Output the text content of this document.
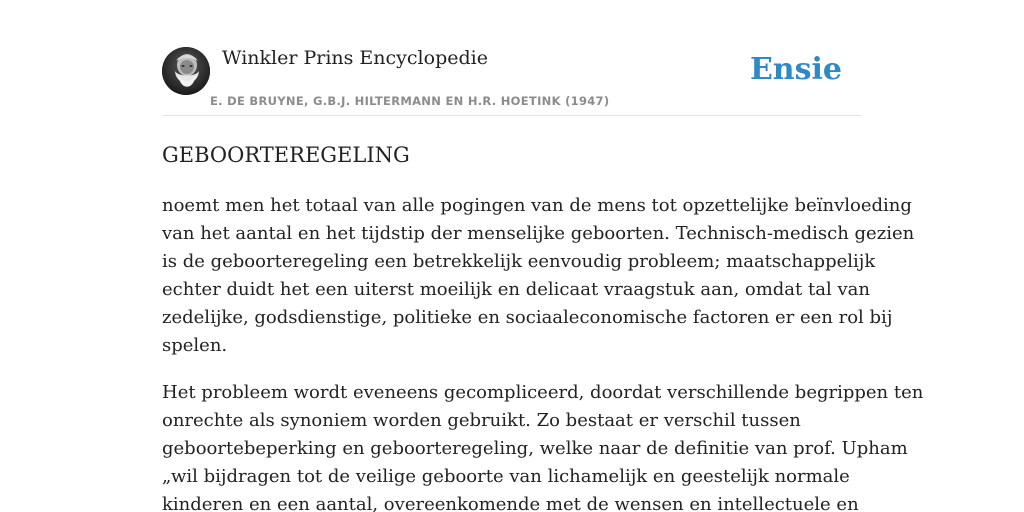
Winkler Prins Encyclopedie
E. DE BRUYNE, G.B.J. HILTERMANN EN H.R. HOETINK (1947)
Ensie
GEBOORTEREGELING

noemt men het totaal van alle pogingen van de mens tot opzettelijke beïnvloeding
van het aantal en het tijdstip der menselijke geboorten. Technisch-medisch gezien
is de geboorteregeling een betrekkelijk eenvoudig probleem; maatschappelijk
echter duidt het een uiterst moeilijk en delicaat vraagstuk aan, omdat tal van
zedelijke, godsdienstige, politieke en sociaaleconomische factoren er een rol bij
spelen.

Het probleem wordt eveneens gecompliceerd, doordat verschillende begrippen ten
onrechte als synoniem worden gebruikt. Zo bestaat er verschil tussen
geboortebeperking en geboorteregeling, welke naar de definitie van prof. Upham
„wil bijdragen tot de veilige geboorte van lichamelijk en geestelijk normale
kinderen en een aantal, overeenkomende met de wensen en intellectuele en
